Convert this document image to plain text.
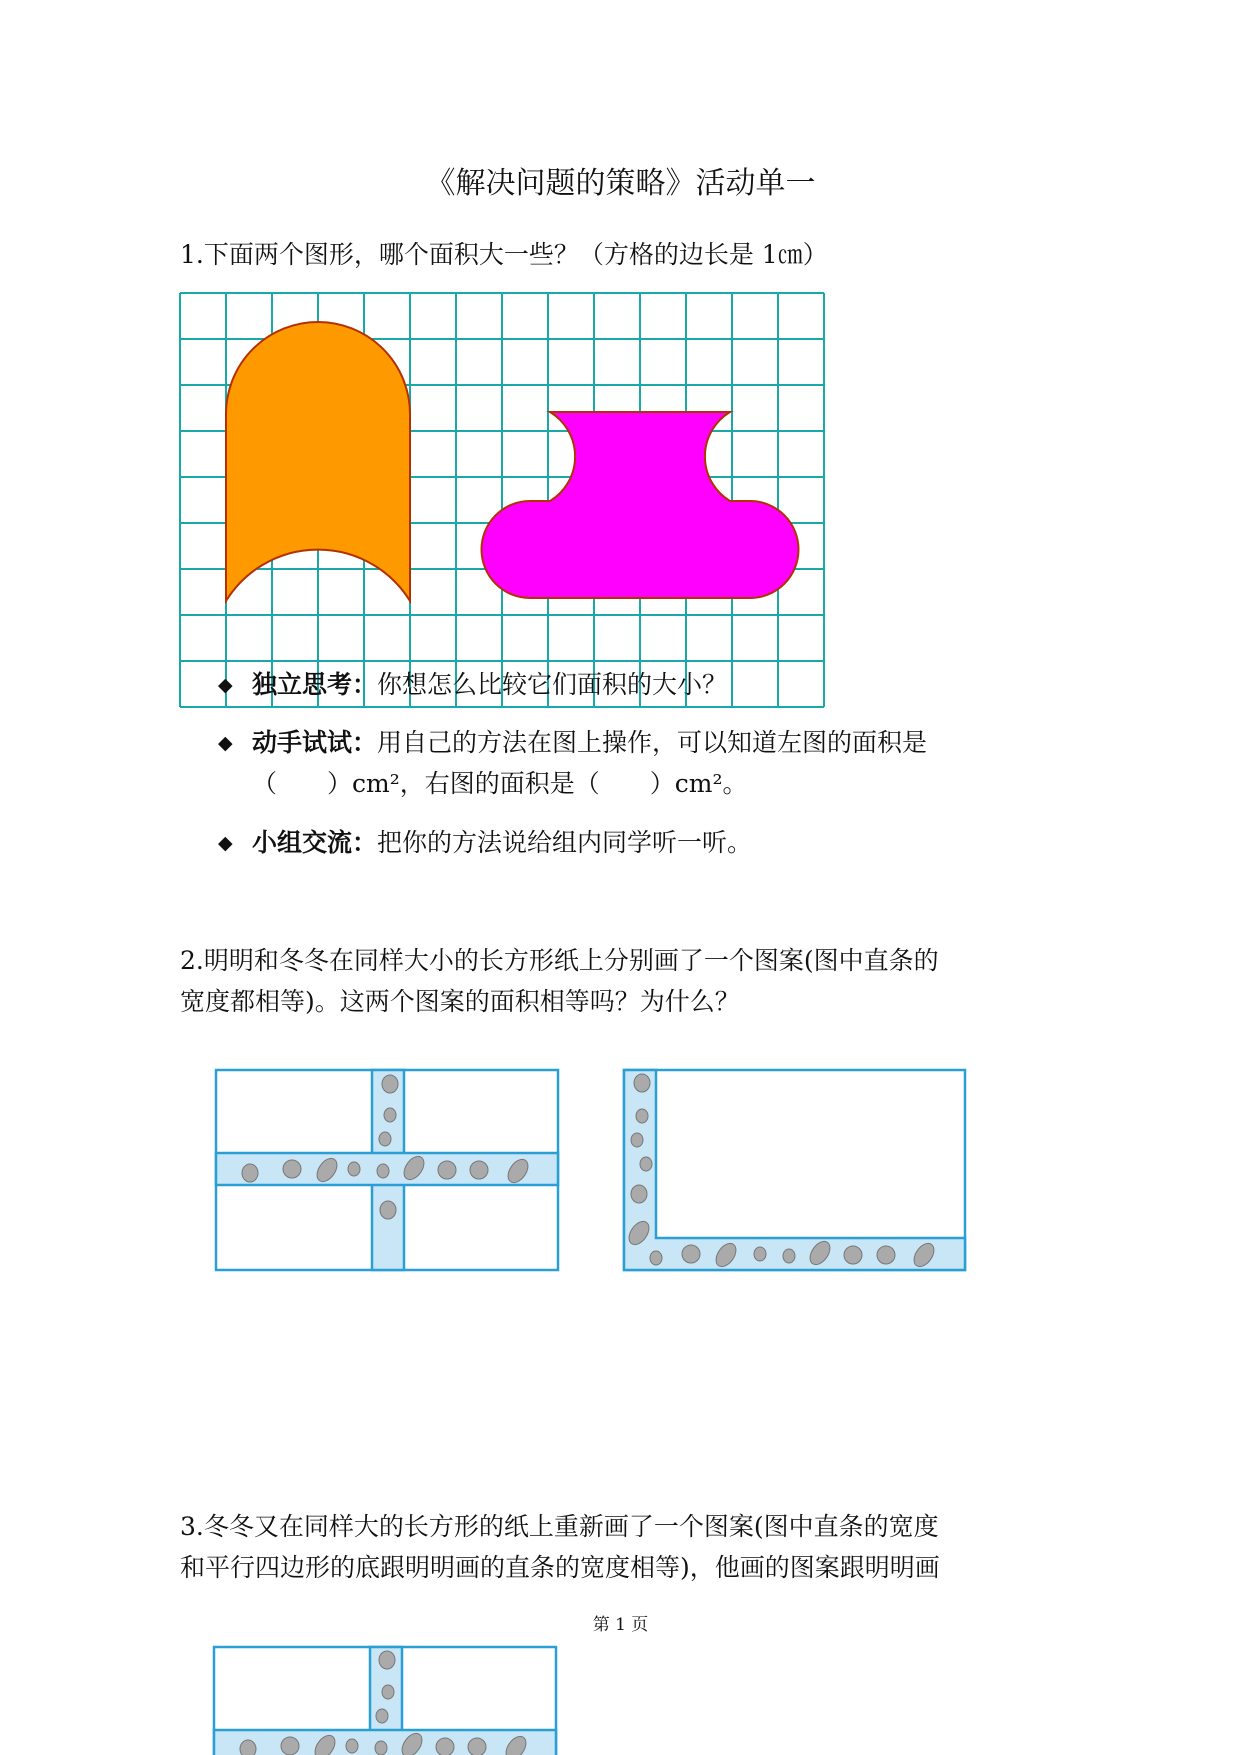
《解决问题的策略》活动单一
1.下面两个图形，哪个面积大一些？（方格的边长是 1㎝）
◆ 独立思考：你想怎么比较它们面积的大小？
◆ 动手试试：用自己的方法在图上操作，可以知道左图的面积是
（　　）cm²，右图的面积是（　　）cm²。
◆ 小组交流：把你的方法说给组内同学听一听。
2.明明和冬冬在同样大小的长方形纸上分别画了一个图案(图中直条的
宽度都相等)。这两个图案的面积相等吗？为什么？
3.冬冬又在同样大的长方形的纸上重新画了一个图案(图中直条的宽度
和平行四边形的底跟明明画的直条的宽度相等)，他画的图案跟明明画
第 1 页
